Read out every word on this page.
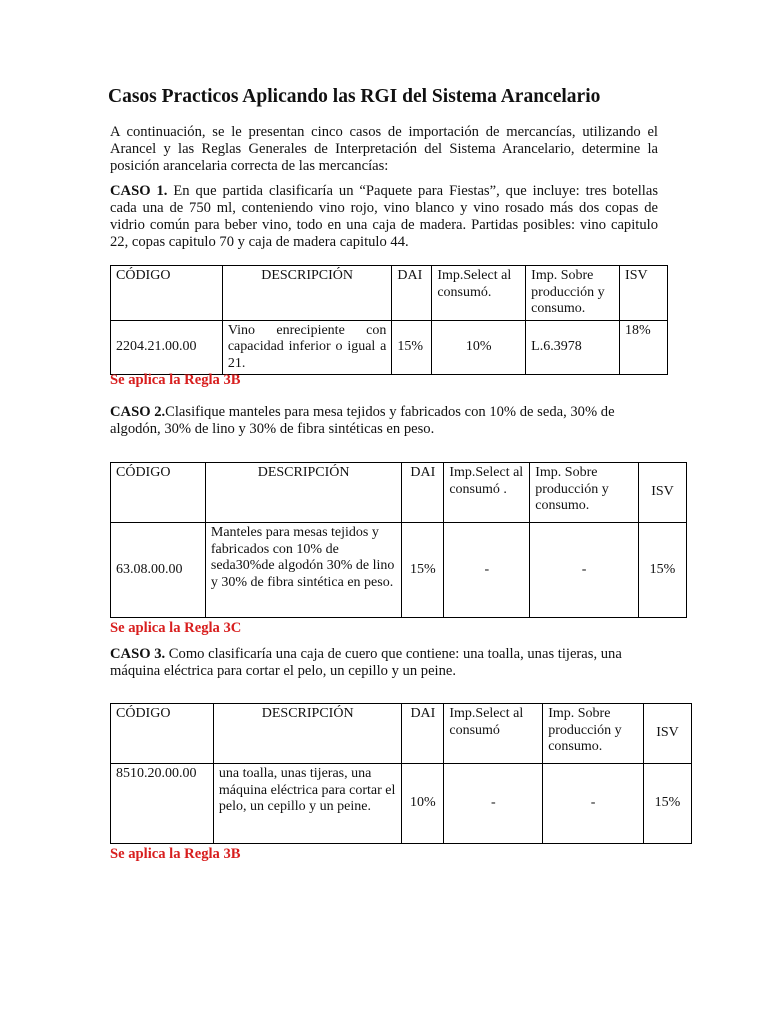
Casos Practicos Aplicando las RGI del Sistema Arancelario
A continuación, se le presentan cinco casos de importación de mercancías, utilizando el Arancel y las Reglas Generales de Interpretación del Sistema Arancelario, determine la posición arancelaria correcta de las mercancías:
CASO 1. En que partida clasificaría un “Paquete para Fiestas”, que incluye: tres botellas cada una de 750 ml, conteniendo vino rojo, vino blanco y vino rosado más dos copas de vidrio común para beber vino, todo en una caja de madera. Partidas posibles: vino capitulo 22, copas capitulo 70 y caja de madera capitulo 44.
CÓDIGO	DESCRIPCIÓN	DAI	Imp.Select al consumó.	Imp. Sobre producción y consumo.	ISV
2204.21.00.00	Vino enrecipiente con capacidad inferior o igual a 21.	15%	10%	L.6.3978	18%
Se aplica la Regla 3B
CASO 2.Clasifique manteles para mesa tejidos y fabricados con 10% de seda, 30% de algodón, 30% de lino y 30% de fibra sintéticas en peso.
CÓDIGO	DESCRIPCIÓN	DAI	Imp.Select al consumó .	Imp. Sobre producción y consumo.	ISV
63.08.00.00	Manteles para mesas tejidos y fabricados con 10% de seda30%de algodón 30% de lino y 30% de fibra sintética en peso.	15%	-	-	15%
Se aplica la Regla 3C
CASO 3. Como clasificaría una caja de cuero que contiene: una toalla, unas tijeras, una máquina eléctrica para cortar el pelo, un cepillo y un peine.
CÓDIGO	DESCRIPCIÓN	DAI	Imp.Select al consumó	Imp. Sobre producción y consumo.	ISV
8510.20.00.00	una toalla, unas tijeras, una máquina eléctrica para cortar el pelo, un cepillo y un peine.	10%	-	-	15%
Se aplica la Regla 3B
